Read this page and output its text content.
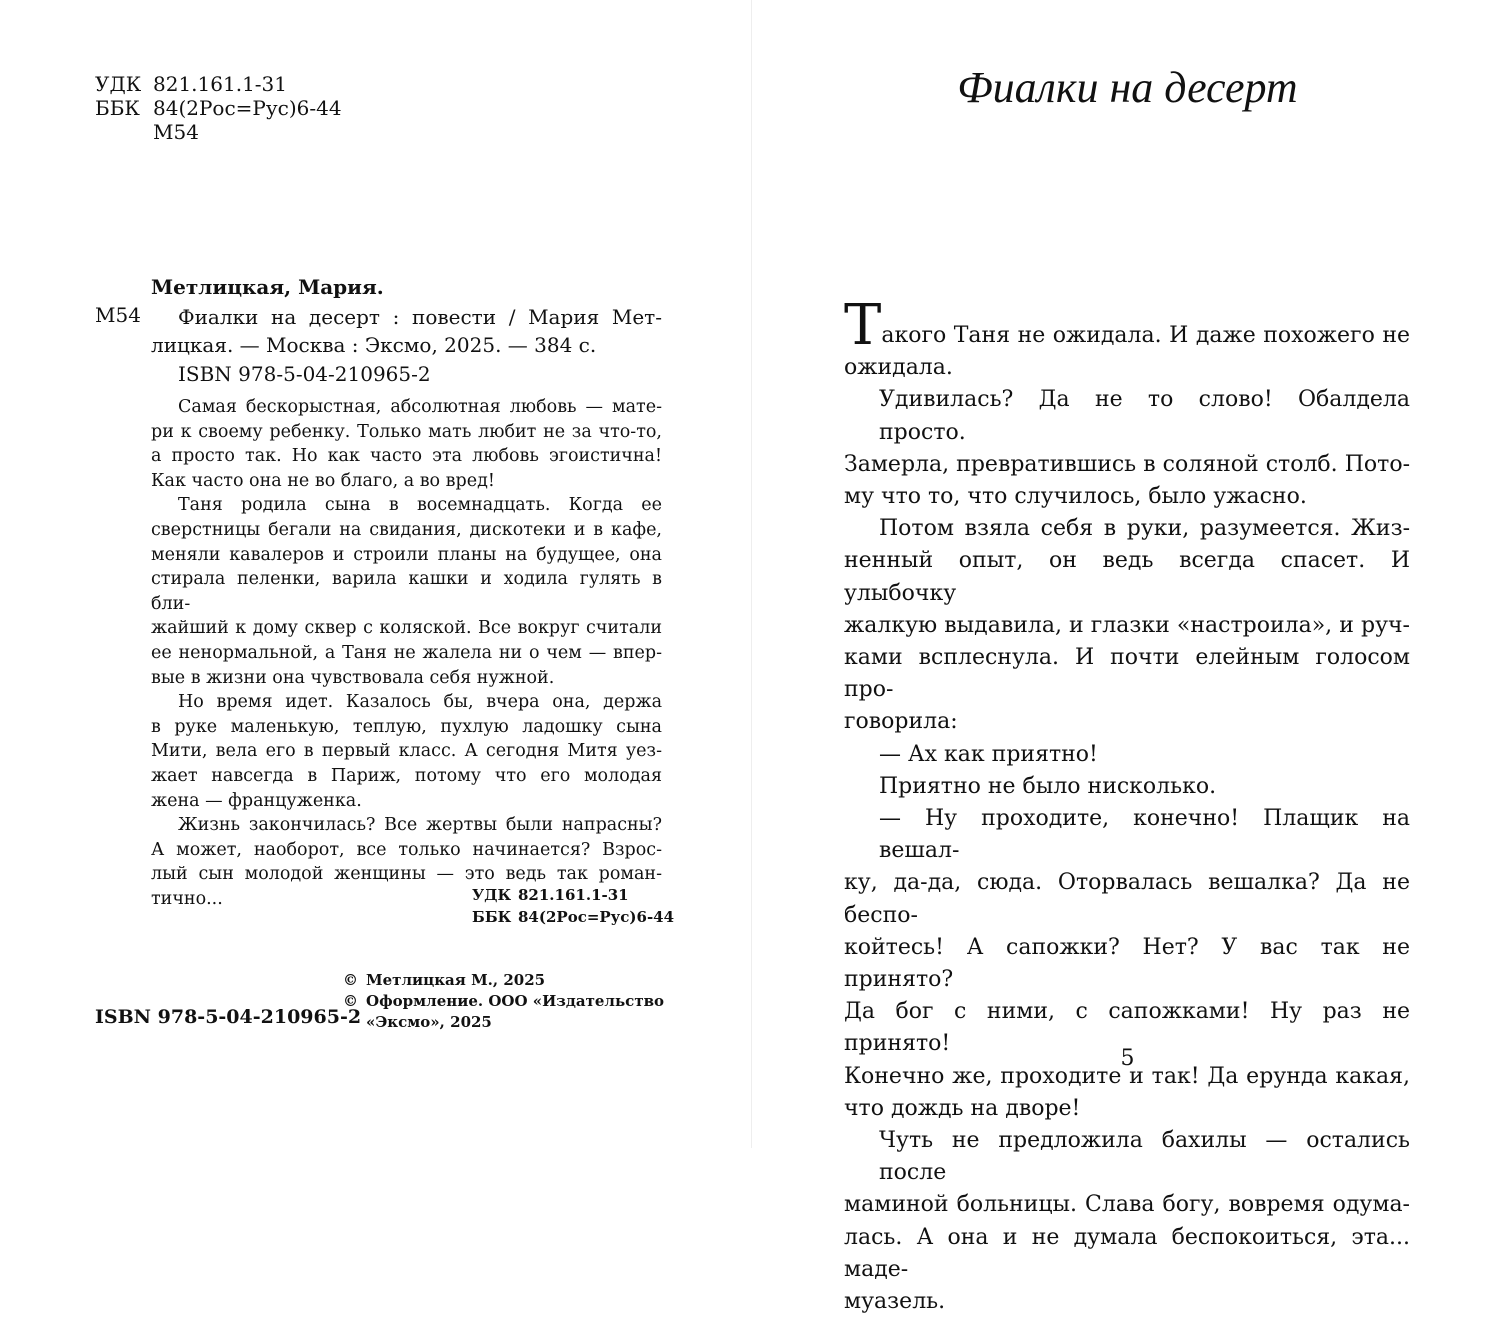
УДК 821.161.1-31
ББК 84(2Рос=Рус)6-44
М54
Метлицкая, Мария.
М54	Фиалки на десерт : повести / Мария Мет-
лицкая. — Москва : Эксмо, 2025. — 384 с.
ISBN 978-5-04-210965-2
Самая бескорыстная, абсолютная любовь — мате-
ри к своему ребенку. Только мать любит не за что-то,
а просто так. Но как часто эта любовь эгоистична!
Как часто она не во благо, а во вред!
Таня родила сына в восемнадцать. Когда ее
сверстницы бегали на свидания, дискотеки и в кафе,
меняли кавалеров и строили планы на будущее, она
стирала пеленки, варила кашки и ходила гулять в бли-
жайший к дому сквер с коляской. Все вокруг считали
ее ненормальной, а Таня не жалела ни о чем — впер-
вые в жизни она чувствовала себя нужной.
Но время идет. Казалось бы, вчера она, держа
в руке маленькую, теплую, пухлую ладошку сына
Мити, вела его в первый класс. А сегодня Митя уез-
жает навсегда в Париж, потому что его молодая
жена — француженка.
Жизнь закончилась? Все жертвы были напрасны?
А может, наоборот, все только начинается? Взрос-
лый сын молодой женщины — это ведь так роман-
тично...	УДК 821.161.1-31
ББК 84(2Рос=Рус)6-44
© Метлицкая М., 2025
© Оформление. ООО «Издательство
«Эксмо», 2025
ISBN 978-5-04-210965-2
Фиалки на десерт
Такого Таня не ожидала. И даже похожего не
ожидала.
Удивилась? Да не то слово! Обалдела просто.
Замерла, превратившись в соляной столб. Пото-
му что то, что случилось, было ужасно.
Потом взяла себя в руки, разумеется. Жиз-
ненный опыт, он ведь всегда спасет. И улыбочку
жалкую выдавила, и глазки «настроила», и руч-
ками всплеснула. И почти елейным голосом про-
говорила:
— Ах как приятно!
Приятно не было нисколько.
— Ну проходите, конечно! Плащик на вешал-
ку, да-да, сюда. Оторвалась вешалка? Да не беспо-
койтесь! А сапожки? Нет? У вас так не принято?
Да бог с ними, с сапожками! Ну раз не принято!
Конечно же, проходите и так! Да ерунда какая,
что дождь на дворе!
Чуть не предложила бахилы — остались после
маминой больницы. Слава богу, вовремя одума-
лась. А она и не думала беспокоиться, эта... маде-
муазель.
5
